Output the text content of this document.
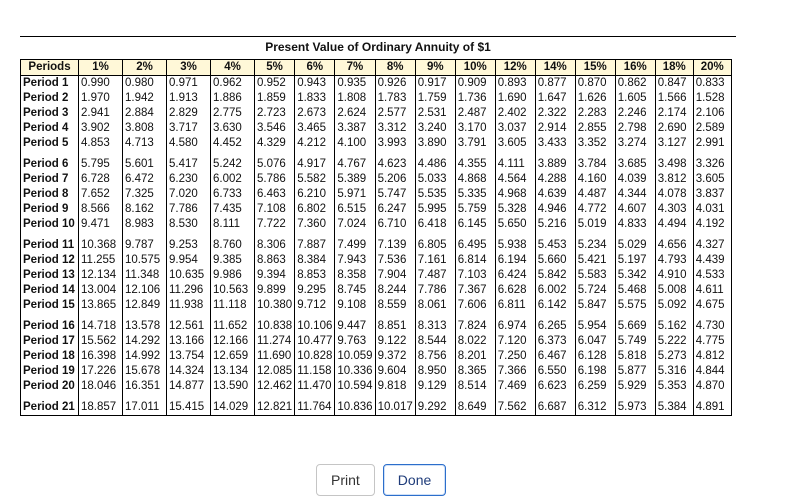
Present Value of Ordinary Annuity of $1
Periods	1%	2%	3%	4%	5%	6%	7%	8%	9%	10%	12%	14%	15%	16%	18%	20%
Period 1	0.990	0.980	0.971	0.962	0.952	0.943	0.935	0.926	0.917	0.909	0.893	0.877	0.870	0.862	0.847	0.833
Period 2	1.970	1.942	1.913	1.886	1.859	1.833	1.808	1.783	1.759	1.736	1.690	1.647	1.626	1.605	1.566	1.528
Period 3	2.941	2.884	2.829	2.775	2.723	2.673	2.624	2.577	2.531	2.487	2.402	2.322	2.283	2.246	2.174	2.106
Period 4	3.902	3.808	3.717	3.630	3.546	3.465	3.387	3.312	3.240	3.170	3.037	2.914	2.855	2.798	2.690	2.589
Period 5	4.853	4.713	4.580	4.452	4.329	4.212	4.100	3.993	3.890	3.791	3.605	3.433	3.352	3.274	3.127	2.991

Period 6	5.795	5.601	5.417	5.242	5.076	4.917	4.767	4.623	4.486	4.355	4.111	3.889	3.784	3.685	3.498	3.326
Period 7	6.728	6.472	6.230	6.002	5.786	5.582	5.389	5.206	5.033	4.868	4.564	4.288	4.160	4.039	3.812	3.605
Period 8	7.652	7.325	7.020	6.733	6.463	6.210	5.971	5.747	5.535	5.335	4.968	4.639	4.487	4.344	4.078	3.837
Period 9	8.566	8.162	7.786	7.435	7.108	6.802	6.515	6.247	5.995	5.759	5.328	4.946	4.772	4.607	4.303	4.031
Period 10	9.471	8.983	8.530	8.111	7.722	7.360	7.024	6.710	6.418	6.145	5.650	5.216	5.019	4.833	4.494	4.192

Period 11	10.368	9.787	9.253	8.760	8.306	7.887	7.499	7.139	6.805	6.495	5.938	5.453	5.234	5.029	4.656	4.327
Period 12	11.255	10.575	9.954	9.385	8.863	8.384	7.943	7.536	7.161	6.814	6.194	5.660	5.421	5.197	4.793	4.439
Period 13	12.134	11.348	10.635	9.986	9.394	8.853	8.358	7.904	7.487	7.103	6.424	5.842	5.583	5.342	4.910	4.533
Period 14	13.004	12.106	11.296	10.563	9.899	9.295	8.745	8.244	7.786	7.367	6.628	6.002	5.724	5.468	5.008	4.611
Period 15	13.865	12.849	11.938	11.118	10.380	9.712	9.108	8.559	8.061	7.606	6.811	6.142	5.847	5.575	5.092	4.675

Period 16	14.718	13.578	12.561	11.652	10.838	10.106	9.447	8.851	8.313	7.824	6.974	6.265	5.954	5.669	5.162	4.730
Period 17	15.562	14.292	13.166	12.166	11.274	10.477	9.763	9.122	8.544	8.022	7.120	6.373	6.047	5.749	5.222	4.775
Period 18	16.398	14.992	13.754	12.659	11.690	10.828	10.059	9.372	8.756	8.201	7.250	6.467	6.128	5.818	5.273	4.812
Period 19	17.226	15.678	14.324	13.134	12.085	11.158	10.336	9.604	8.950	8.365	7.366	6.550	6.198	5.877	5.316	4.844
Period 20	18.046	16.351	14.877	13.590	12.462	11.470	10.594	9.818	9.129	8.514	7.469	6.623	6.259	5.929	5.353	4.870

Period 21	18.857	17.011	15.415	14.029	12.821	11.764	10.836	10.017	9.292	8.649	7.562	6.687	6.312	5.973	5.384	4.891
Print	Done
